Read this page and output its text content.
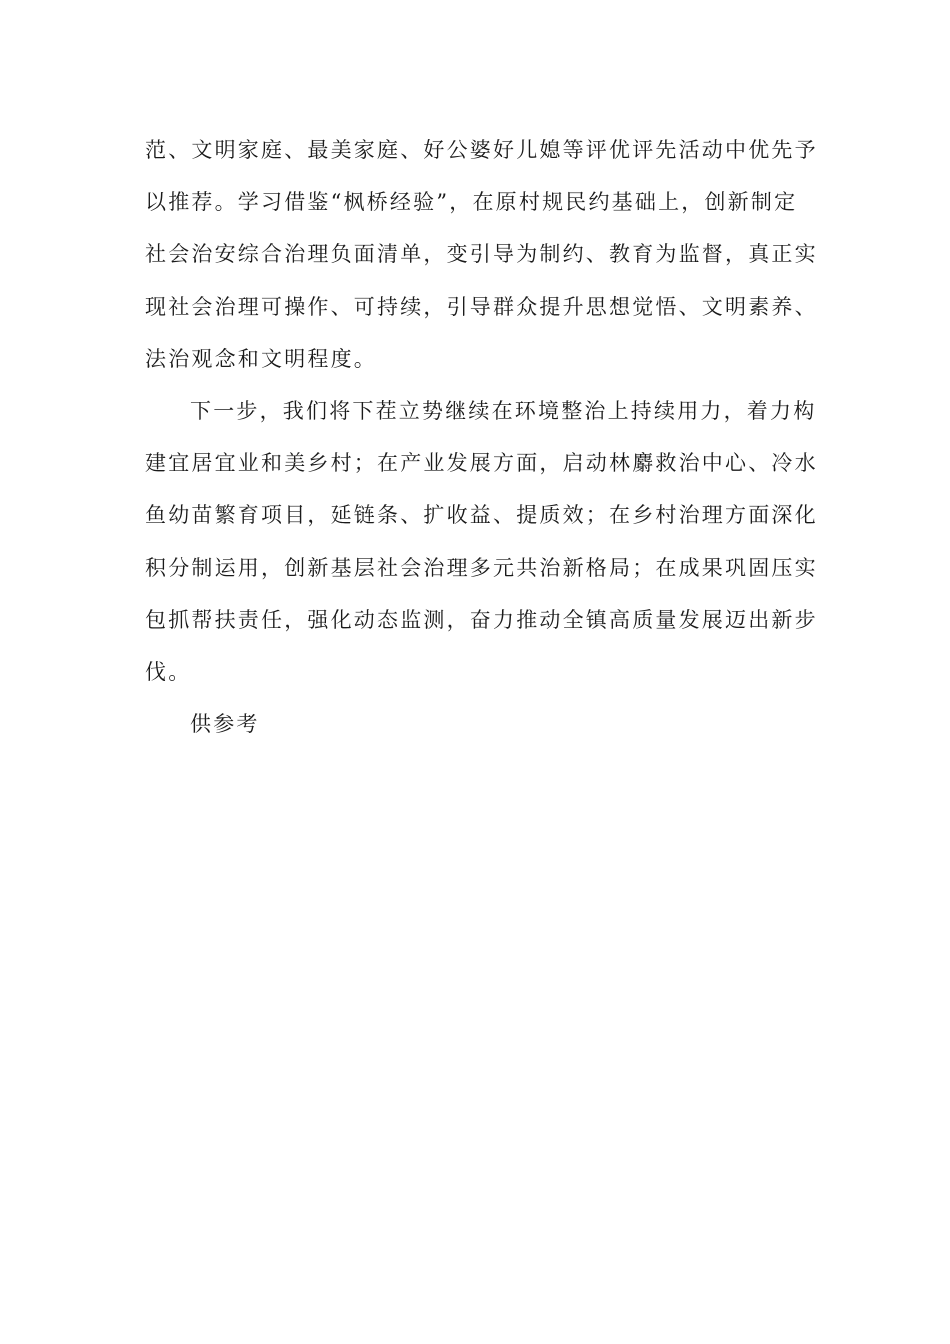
范、文明家庭、最美家庭、好公婆好儿媳等评优评先活动中优先予
以推荐。学习借鉴“枫桥经验”，在原村规民约基础上，创新制定
社会治安综合治理负面清单，变引导为制约、教育为监督，真正实
现社会治理可操作、可持续，引导群众提升思想觉悟、文明素养、
法治观念和文明程度。

下一步，我们将下茬立势继续在环境整治上持续用力，着力构
建宜居宜业和美乡村；在产业发展方面，启动林麝救治中心、冷水
鱼幼苗繁育项目，延链条、扩收益、提质效；在乡村治理方面深化
积分制运用，创新基层社会治理多元共治新格局；在成果巩固压实
包抓帮扶责任，强化动态监测，奋力推动全镇高质量发展迈出新步
伐。

供参考
